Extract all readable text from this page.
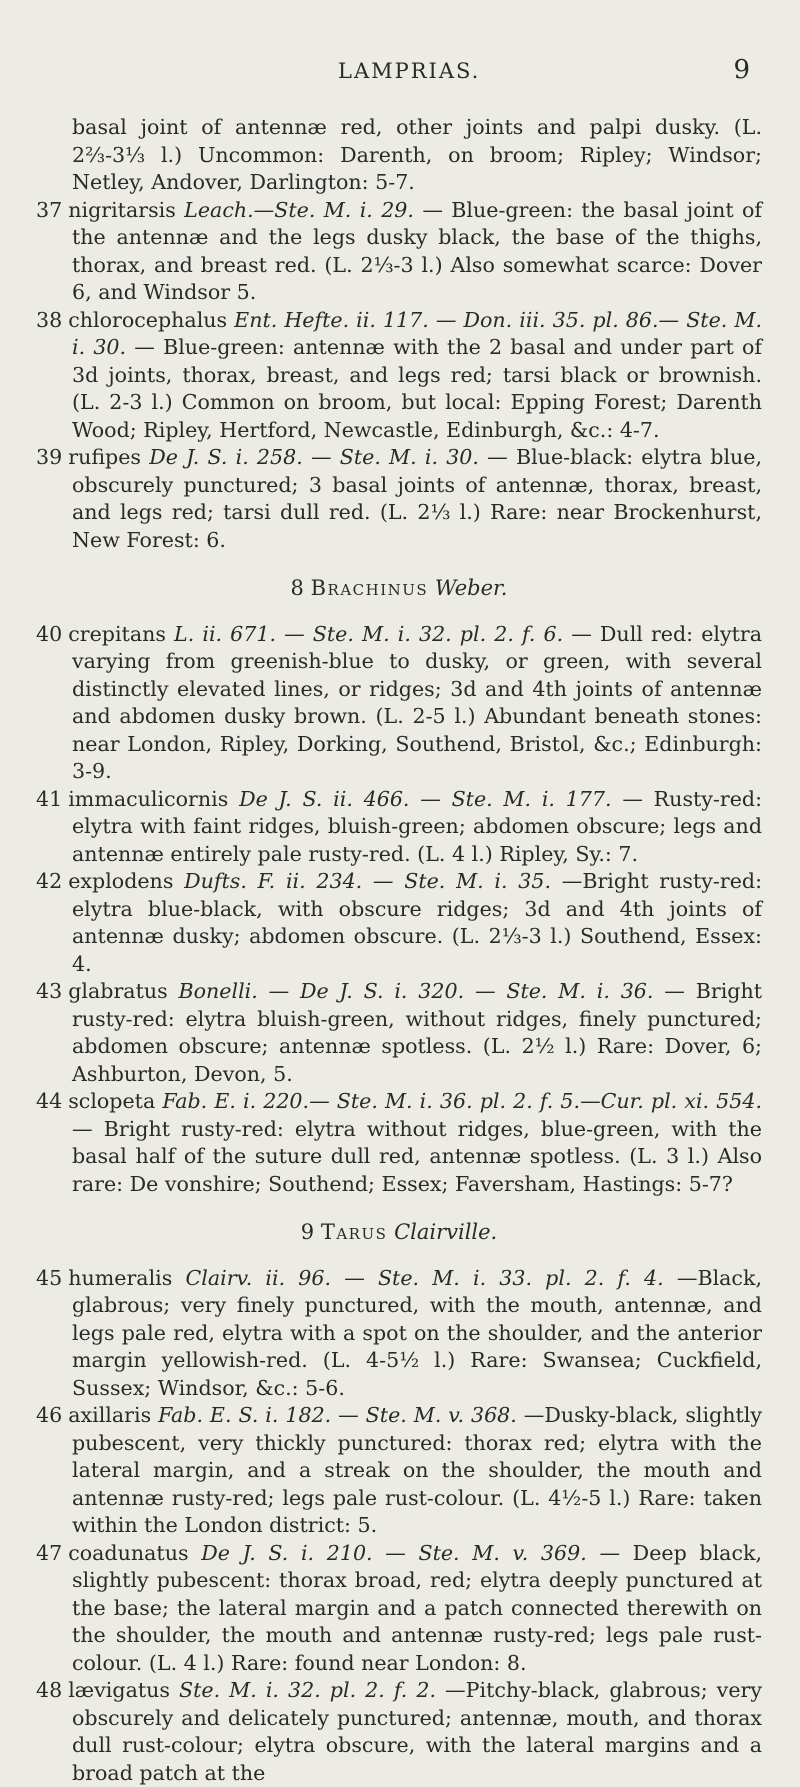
LAMPRIAS.	9

basal joint of antennæ red, other joints and palpi dusky. (L. 2⅔-3⅓ l.) Uncommon: Darenth, on broom; Ripley; Windsor; Netley, Andover, Darlington: 5-7.

37 nigritarsis Leach.—Ste. M. i. 29. — Blue-green: the basal joint of the antennæ and the legs dusky black, the base of the thighs, thorax, and breast red. (L. 2⅓-3 l.) Also somewhat scarce: Dover 6, and Windsor 5.

38 chlorocephalus Ent. Hefte. ii. 117. — Don. iii. 35. pl. 86.— Ste. M. i. 30. — Blue-green: antennæ with the 2 basal and under part of 3d joints, thorax, breast, and legs red; tarsi black or brownish. (L. 2-3 l.) Common on broom, but local: Epping Forest; Darenth Wood; Ripley, Hertford, Newcastle, Edinburgh, &c.: 4-7.

39 rufipes De J. S. i. 258. — Ste. M. i. 30. — Blue-black: elytra blue, obscurely punctured; 3 basal joints of antennæ, thorax, breast, and legs red; tarsi dull red. (L. 2⅓ l.) Rare: near Brockenhurst, New Forest: 6.

8 Brachinus Weber.

40 crepitans L. ii. 671. — Ste. M. i. 32. pl. 2. f. 6. — Dull red: elytra varying from greenish-blue to dusky, or green, with several distinctly elevated lines, or ridges; 3d and 4th joints of antennæ and abdomen dusky brown. (L. 2-5 l.) Abundant beneath stones: near London, Ripley, Dorking, Southend, Bristol, &c.; Edinburgh: 3-9.

41 immaculicornis De J. S. ii. 466. — Ste. M. i. 177. — Rusty-red: elytra with faint ridges, bluish-green; abdomen obscure; legs and antennæ entirely pale rusty-red. (L. 4 l.) Ripley, Sy.: 7.

42 explodens Dufts. F. ii. 234. — Ste. M. i. 35. —Bright rusty-red: elytra blue-black, with obscure ridges; 3d and 4th joints of antennæ dusky; abdomen obscure. (L. 2⅓-3 l.) Southend, Essex: 4.

43 glabratus Bonelli. — De J. S. i. 320. — Ste. M. i. 36. — Bright rusty-red: elytra bluish-green, without ridges, finely punctured; abdomen obscure; antennæ spotless. (L. 2½ l.) Rare: Dover, 6; Ashburton, Devon, 5.

44 sclopeta Fab. E. i. 220.— Ste. M. i. 36. pl. 2. f. 5.—Cur. pl. xi. 554. — Bright rusty-red: elytra without ridges, blue-green, with the basal half of the suture dull red, antennæ spotless. (L. 3 l.) Also rare: De vonshire; Southend; Essex; Faversham, Hastings: 5-7?

9 Tarus Clairville.

45 humeralis Clairv. ii. 96. — Ste. M. i. 33. pl. 2. f. 4. —Black, glabrous; very finely punctured, with the mouth, antennæ, and legs pale red, elytra with a spot on the shoulder, and the anterior margin yellowish-red. (L. 4-5½ l.) Rare: Swansea; Cuckfield, Sussex; Windsor, &c.: 5-6.

46 axillaris Fab. E. S. i. 182. — Ste. M. v. 368. —Dusky-black, slightly pubescent, very thickly punctured: thorax red; elytra with the lateral margin, and a streak on the shoulder, the mouth and antennæ rusty-red; legs pale rust-colour. (L. 4½-5 l.) Rare: taken within the London district: 5.

47 coadunatus De J. S. i. 210. — Ste. M. v. 369. — Deep black, slightly pubescent: thorax broad, red; elytra deeply punctured at the base; the lateral margin and a patch connected therewith on the shoulder, the mouth and antennæ rusty-red; legs pale rust-colour. (L. 4 l.) Rare: found near London: 8.

48 lævigatus Ste. M. i. 32. pl. 2. f. 2. —Pitchy-black, glabrous; very obscurely and delicately punctured; antennæ, mouth, and thorax dull rust-colour; elytra obscure, with the lateral margins and a broad patch at the
